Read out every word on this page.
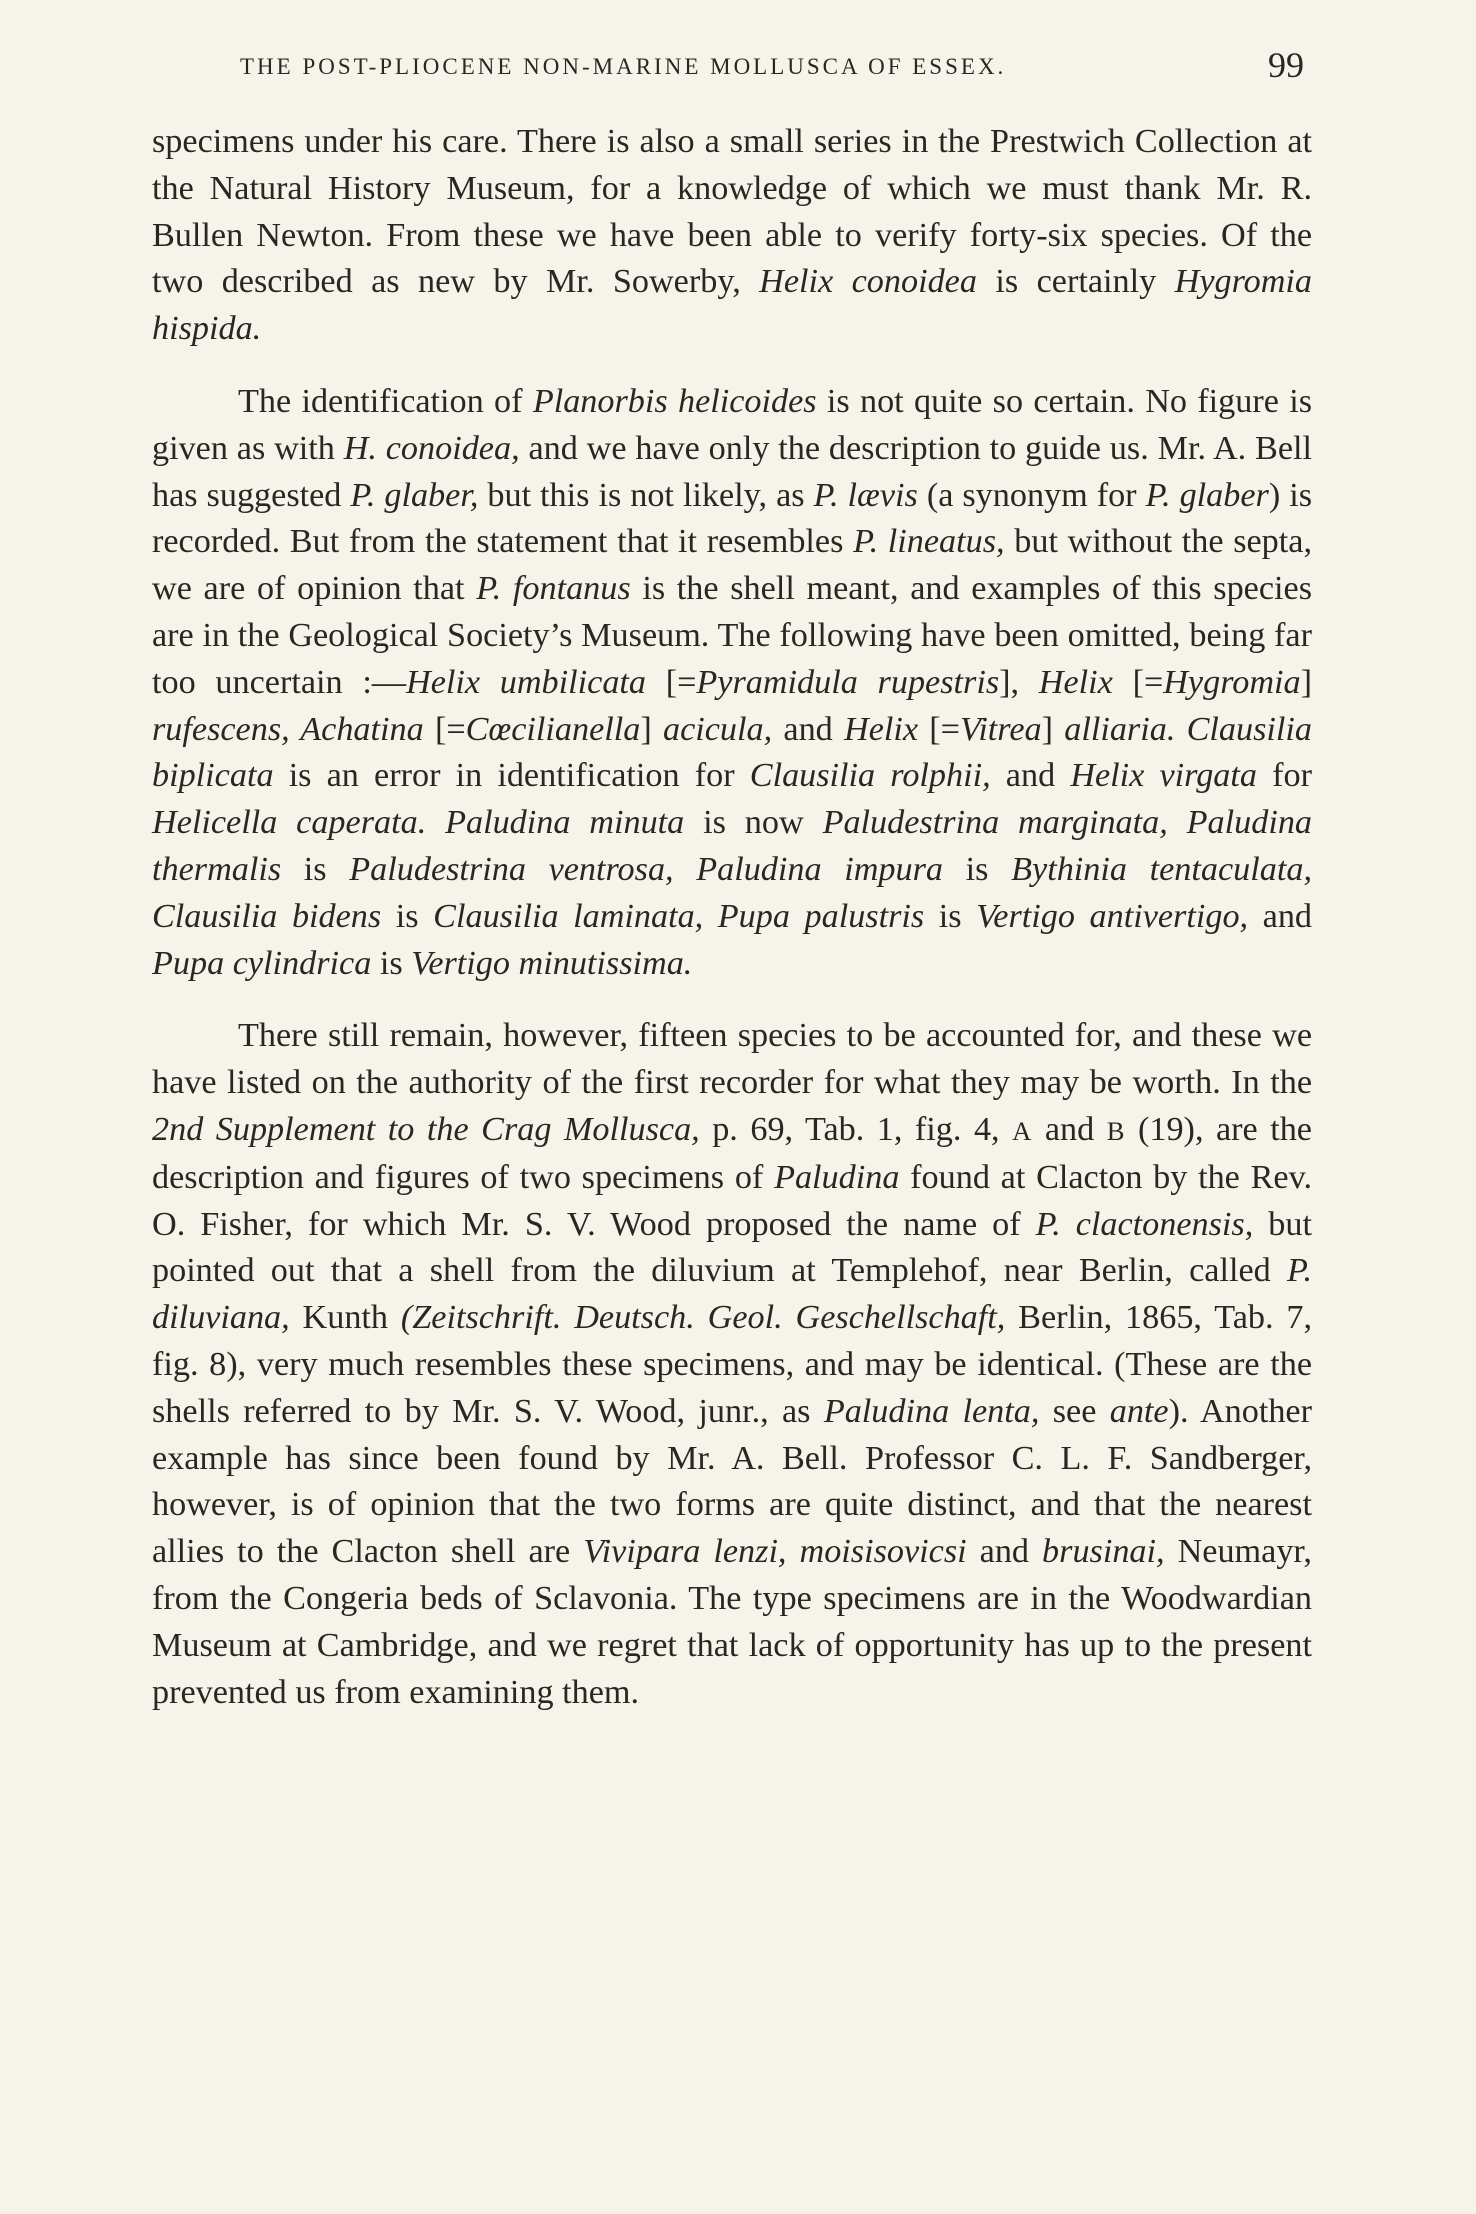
THE POST-PLIOCENE NON-MARINE MOLLUSCA OF ESSEX.	99

specimens under his care. There is also a small series in the Prestwich Collection at the Natural History Museum, for a knowledge of which we must thank Mr. R. Bullen Newton. From these we have been able to verify forty-six species. Of the two described as new by Mr. Sowerby, Helix conoidea is certainly Hygromia hispida.

The identification of Planorbis helicoides is not quite so certain. No figure is given as with H. conoidea, and we have only the description to guide us. Mr. A. Bell has suggested P. glaber, but this is not likely, as P. lævis (a synonym for P. glaber) is recorded. But from the statement that it resembles P. lineatus, but without the septa, we are of opinion that P. fontanus is the shell meant, and examples of this species are in the Geological Society’s Museum. The following have been omitted, being far too uncertain :—Helix umbilicata [=Pyramidula rupestris], Helix [=Hygromia] rufescens, Achatina [=Cœcilianella] acicula, and Helix [=Vitrea] alliaria. Clausilia biplicata is an error in identification for Clausilia rolphii, and Helix virgata for Helicella caperata. Paludina minuta is now Paludestrina marginata, Paludina thermalis is Paludestrina ventrosa, Paludina impura is Bythinia tentaculata, Clausilia bidens is Clausilia laminata, Pupa palustris is Vertigo antivertigo, and Pupa cylindrica is Vertigo minutissima.

There still remain, however, fifteen species to be accounted for, and these we have listed on the authority of the first recorder for what they may be worth. In the 2nd Supplement to the Crag Mollusca, p. 69, Tab. 1, fig. 4, A and B (19), are the description and figures of two specimens of Paludina found at Clacton by the Rev. O. Fisher, for which Mr. S. V. Wood proposed the name of P. clactonensis, but pointed out that a shell from the diluvium at Templehof, near Berlin, called P. diluviana, Kunth (Zeitschrift. Deutsch. Geol. Geschellschaft, Berlin, 1865, Tab. 7, fig. 8), very much resembles these specimens, and may be identical. (These are the shells referred to by Mr. S. V. Wood, junr., as Paludina lenta, see ante). Another example has since been found by Mr. A. Bell. Professor C. L. F. Sandberger, however, is of opinion that the two forms are quite distinct, and that the nearest allies to the Clacton shell are Vivipara lenzi, moisisovicsi and brusinai, Neumayr, from the Congeria beds of Sclavonia. The type specimens are in the Woodwardian Museum at Cambridge, and we regret that lack of opportunity has up to the present prevented us from examining them.
